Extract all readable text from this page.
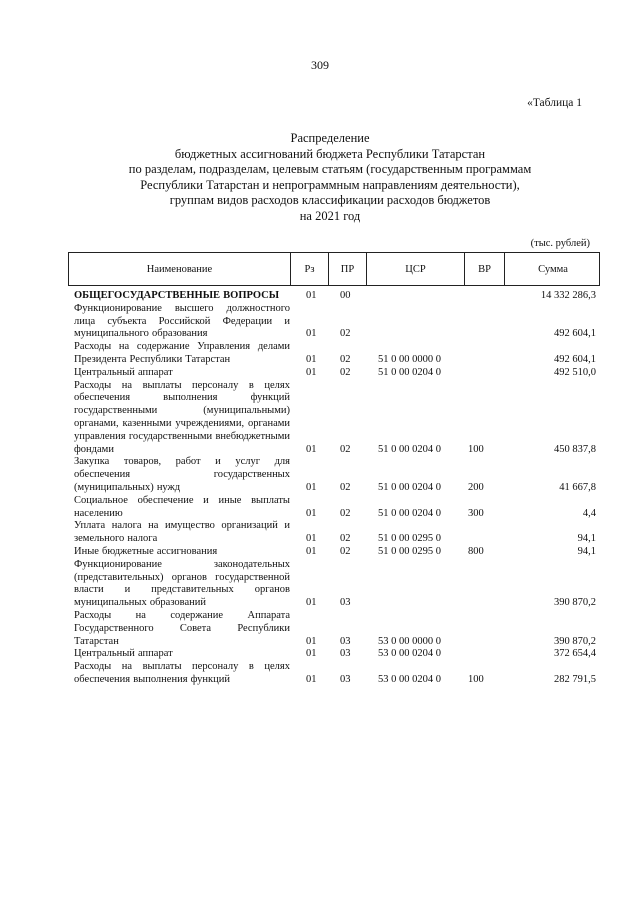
309
«Таблица 1
Распределение
бюджетных ассигнований бюджета Республики Татарстан
по разделам, подразделам, целевым статьям (государственным программам
Республики Татарстан и непрограммным направлениям деятельности),
группам видов расходов классификации расходов бюджетов
на 2021 год
(тыс. рублей)
Наименование	Рз	ПР	ЦСР	ВР	Сумма
ОБЩЕГОСУДАРСТВЕННЫЕ ВОПРОСЫ	01 00	14 332 286,3
Функционирование высшего должностного лица субъекта Российской Федерации и муниципального образования	01 02	492 604,1
Расходы на содержание Управления делами Президента Республики Татарстан	01 02	51 0 00 0000 0	492 604,1
Центральный аппарат	01 02	51 0 00 0204 0	492 510,0
Расходы на выплаты персоналу в целях обеспечения выполнения функций государственными (муниципальными) органами, казенными учреждениями, органами управления государственными внебюджетными фондами	01 02	51 0 00 0204 0	100	450 837,8
Закупка товаров, работ и услуг для обеспечения государственных (муниципальных) нужд	01 02	51 0 00 0204 0	200	41 667,8
Социальное обеспечение и иные выплаты населению	01 02	51 0 00 0204 0	300	4,4
Уплата налога на имущество организаций и земельного налога	01 02	51 0 00 0295 0	94,1
Иные бюджетные ассигнования	01 02	51 0 00 0295 0	800	94,1
Функционирование законодательных (представительных) органов государственной власти и представительных органов муниципальных образований	01 03	390 870,2
Расходы на содержание Аппарата Государственного Совета Республики Татарстан	01 03	53 0 00 0000 0	390 870,2
Центральный аппарат	01 03	53 0 00 0204 0	372 654,4
Расходы на выплаты персоналу в целях обеспечения выполнения функций	01 03	53 0 00 0204 0	100	282 791,5
